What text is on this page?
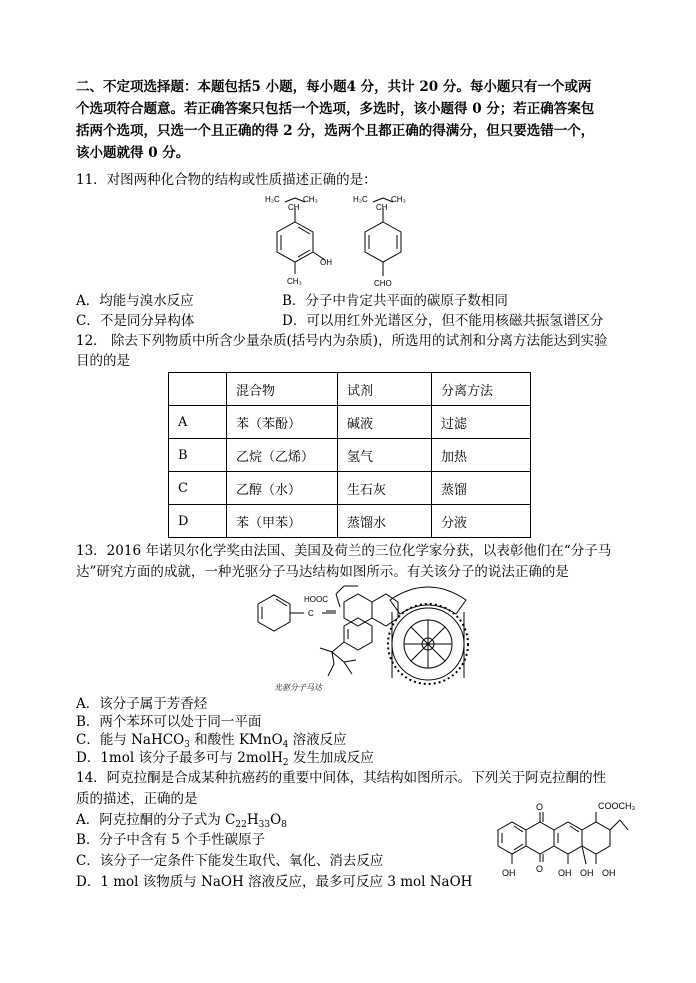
二、不定项选择题：本题包括5 小题，每小题4 分，共计 20 分。每小题只有一个或两
个选项符合题意。若正确答案只包括一个选项，多选时，该小题得 0 分；若正确答案包
括两个选项，只选一个且正确的得 2 分，选两个且都正确的得满分，但只要选错一个，
该小题就得 0 分。
11．对图两种化合物的结构或性质描述正确的是：
CH
H₃C	CH₃
OH
CH₃
CH
H₃C	CH₃
CHO
A．均能与溴水反应	B．分子中肯定共平面的碳原子数相同
C．不是同分异构体	D．可以用红外光谱区分，但不能用核磁共振氢谱区分
12． 除去下列物质中所含少量杂质(括号内为杂质)，所选用的试剂和分离方法能达到实验
目的的是
	混合物	试剂	分离方法
A	苯（苯酚）	碱液	过滤
B	乙烷（乙烯）	氢气	加热
C	乙醇（水）	生石灰	蒸馏
D	苯（甲苯）	蒸馏水	分液
13．2016 年诺贝尔化学奖由法国、美国及荷兰的三位化学家分获，以表彰他们在“分子马
达”研究方面的成就，一种光驱分子马达结构如图所示。有关该分子的说法正确的是
HOOC
C
光驱分子马达
A．该分子属于芳香烃
B．两个苯环可以处于同一平面
C．能与 NaHCO$_3$ 和酸性 KMnO$_4$ 溶液反应
D．1mol 该分子最多可与 2molH$_2$ 发生加成反应
14．阿克拉酮是合成某种抗癌药的重要中间体，其结构如图所示。下列关于阿克拉酮的性
质的描述，正确的是
A．阿克拉酮的分子式为 $C_{22}H_{33}O_8$
B．分子中含有 5 个手性碳原子
C．该分子一定条件下能发生取代、氧化、消去反应
D．1 mol 该物质与 NaOH 溶液反应，最多可反应 3 mol NaOH
O
O
COOCH₃
OH	OH OH OH
